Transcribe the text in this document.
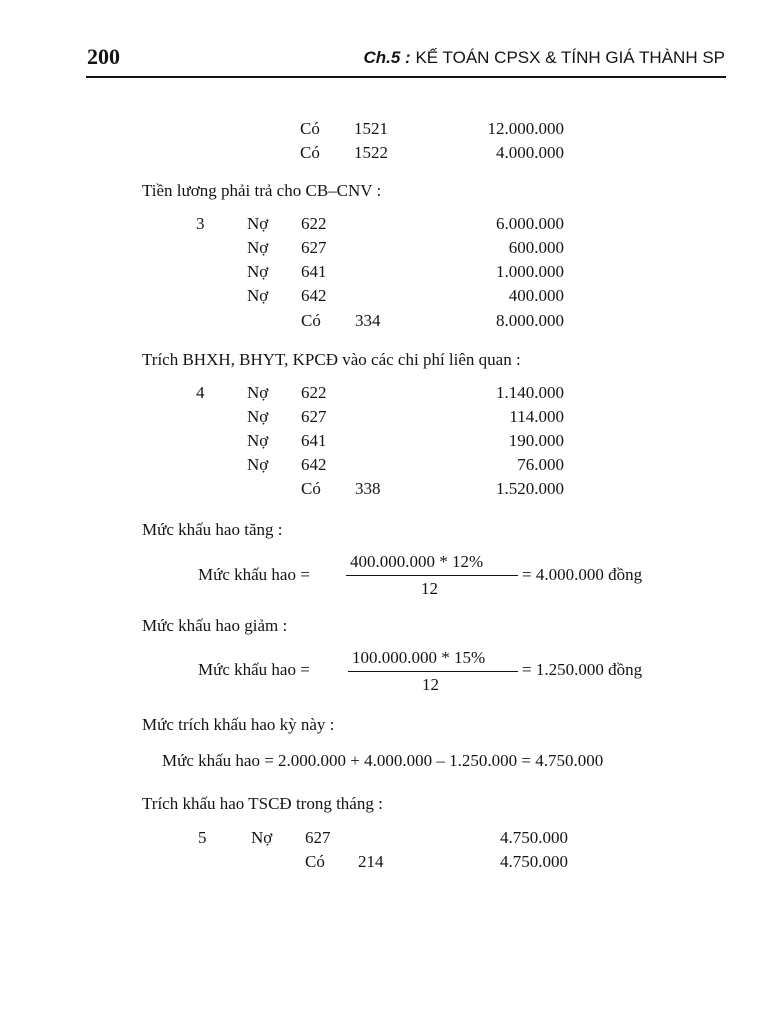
200	Ch.5 : KẾ TOÁN CPSX & TÍNH GIÁ THÀNH SP
Có 1521	12.000.000
Có 1522	4.000.000
Tiền lương phải trả cho CB–CNV :
3	Nợ 622	6.000.000
Nợ 627	600.000
Nợ 641	1.000.000
Nợ 642	400.000
Có 334	8.000.000
Trích BHXH, BHYT, KPCĐ vào các chi phí liên quan :
4	Nợ 622	1.140.000
Nợ 627	114.000
Nợ 641	190.000
Nợ 642	76.000
Có 338	1.520.000
Mức khấu hao tăng :
Mức khấu hao =
400.000.000 * 12%
12
= 4.000.000 đồng
Mức khấu hao giảm :
Mức khấu hao =
100.000.000 * 15%
12
= 1.250.000 đồng
Mức trích khấu hao kỳ này :
Mức khấu hao = 2.000.000 + 4.000.000 – 1.250.000 = 4.750.000
Trích khấu hao TSCĐ trong tháng :
5	Nợ 627	4.750.000
Có 214	4.750.000
